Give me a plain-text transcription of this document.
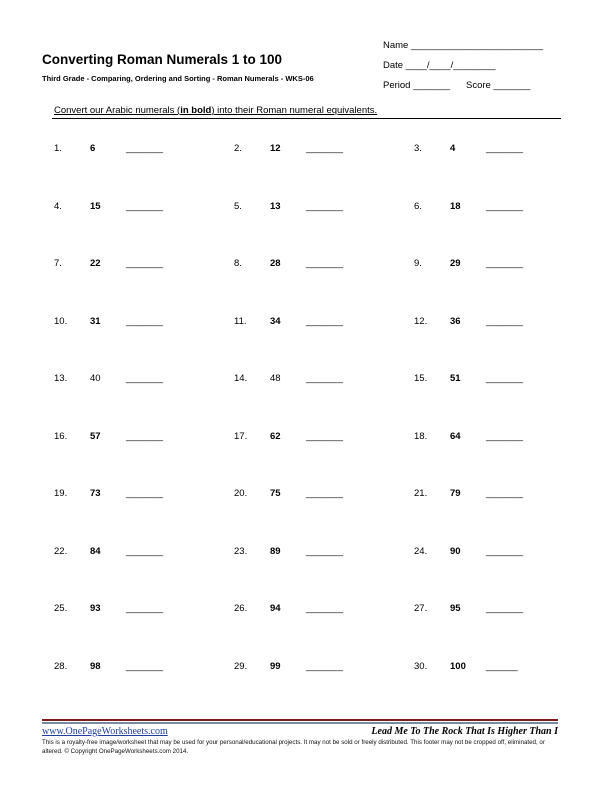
Converting Roman Numerals 1 to 100
Third Grade - Comparing, Ordering and Sorting - Roman Numerals - WKS-06
Name _________________________
Date ____/____/________
Period _______ Score _______
Convert our Arabic numerals (in bold) into their Roman numeral equivalents.
1.	6	_______	2.	12	_______	3.	4	_______
4.	15	_______	5.	13	_______	6.	18	_______
7.	22	_______	8.	28	_______	9.	29	_______
10.	31	_______	11.	34	_______	12.	36	_______
13.	40	_______	14.	48	_______	15.	51	_______
16.	57	_______	17.	62	_______	18.	64	_______
19.	73	_______	20.	75	_______	21.	79	_______
22.	84	_______	23.	89	_______	24.	90	_______
25.	93	_______	26.	94	_______	27.	95	_______
28.	98	_______	29.	99	_______	30.	100 ______
www.OnePageWorksheets.com	Lead Me To The Rock That Is Higher Than I
This is a royalty-free image/worksheet that may be used for your personal/educational projects. It may not be sold or freely distributed. This footer may not be cropped off, eliminated, or altered. © Copyright OnePageWorksheets.com 2014.
